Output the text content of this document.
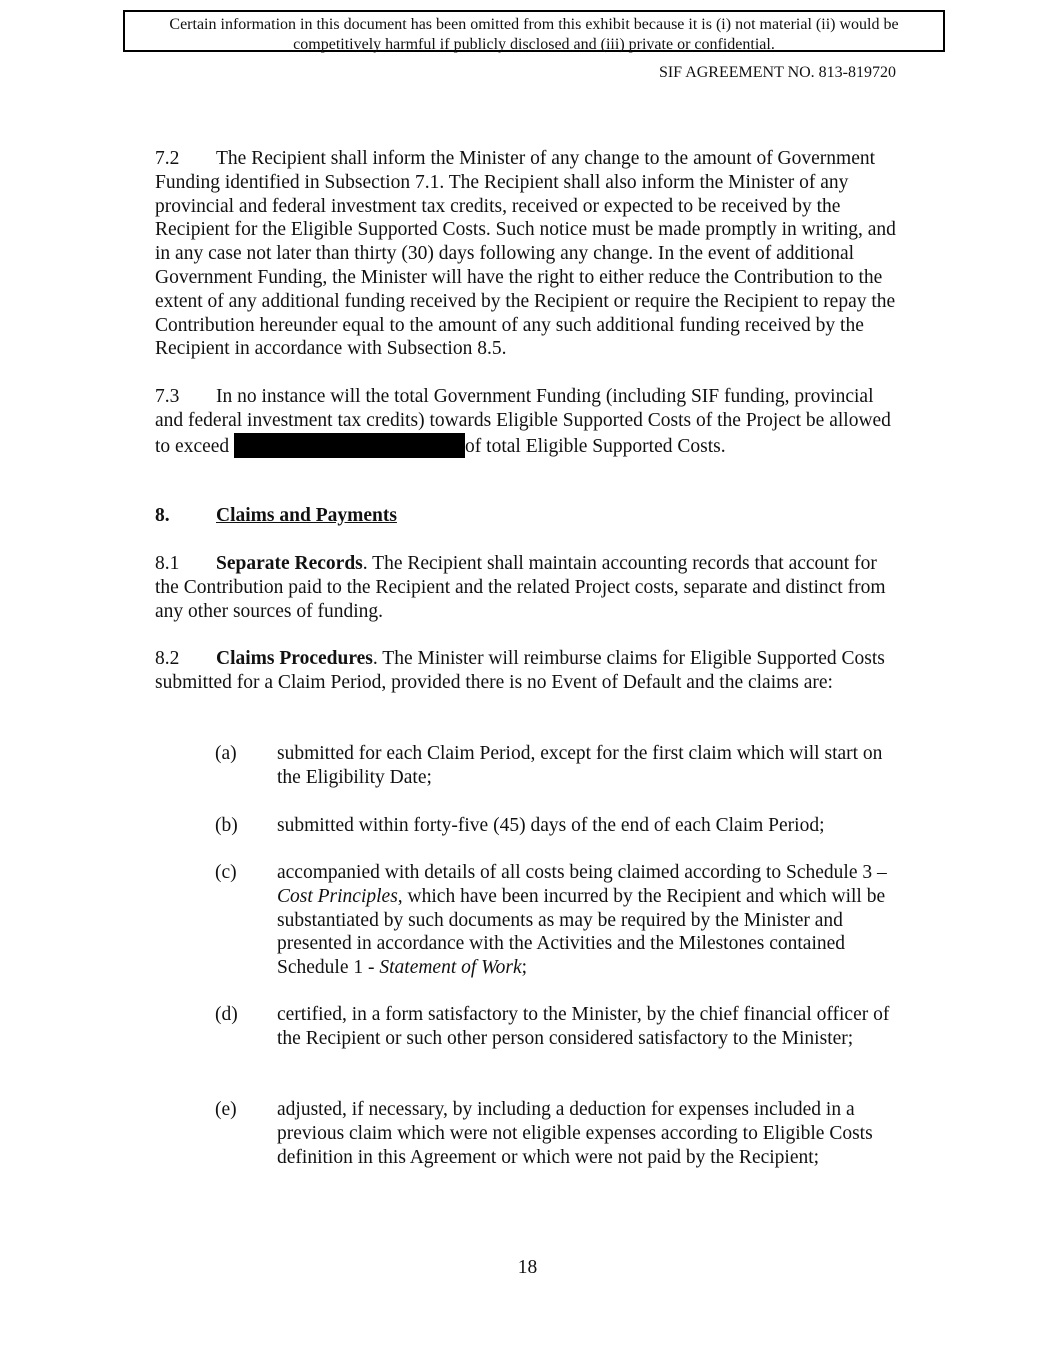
Certain information in this document has been omitted from this exhibit because it is (i) not material (ii) would be
competitively harmful if publicly disclosed and (iii) private or confidential.
SIF AGREEMENT NO. 813-819720
7.2 The Recipient shall inform the Minister of any change to the amount of Government Funding identified in Subsection 7.1. The Recipient shall also inform the Minister of any provincial and federal investment tax credits, received or expected to be received by the Recipient for the Eligible Supported Costs. Such notice must be made promptly in writing, and in any case not later than thirty (30) days following any change. In the event of additional Government Funding, the Minister will have the right to either reduce the Contribution to the extent of any additional funding received by the Recipient or require the Recipient to repay the Contribution hereunder equal to the amount of any such additional funding received by the Recipient in accordance with Subsection 8.5.
7.3 In no instance will the total Government Funding (including SIF funding, provincial and federal investment tax credits) towards Eligible Supported Costs of the Project be allowed to exceed	of total Eligible Supported Costs.
8. Claims and Payments
8.1 Separate Records. The Recipient shall maintain accounting records that account for the Contribution paid to the Recipient and the related Project costs, separate and distinct from any other sources of funding.
8.2 Claims Procedures. The Minister will reimburse claims for Eligible Supported Costs submitted for a Claim Period, provided there is no Event of Default and the claims are:
(a) submitted for each Claim Period, except for the first claim which will start on the Eligibility Date;
(b) submitted within forty-five (45) days of the end of each Claim Period;
(c) accompanied with details of all costs being claimed according to Schedule 3 – Cost Principles, which have been incurred by the Recipient and which will be substantiated by such documents as may be required by the Minister and presented in accordance with the Activities and the Milestones contained Schedule 1 - Statement of Work;
(d) certified, in a form satisfactory to the Minister, by the chief financial officer of the Recipient or such other person considered satisfactory to the Minister;
(e) adjusted, if necessary, by including a deduction for expenses included in a previous claim which were not eligible expenses according to Eligible Costs definition in this Agreement or which were not paid by the Recipient;
18
